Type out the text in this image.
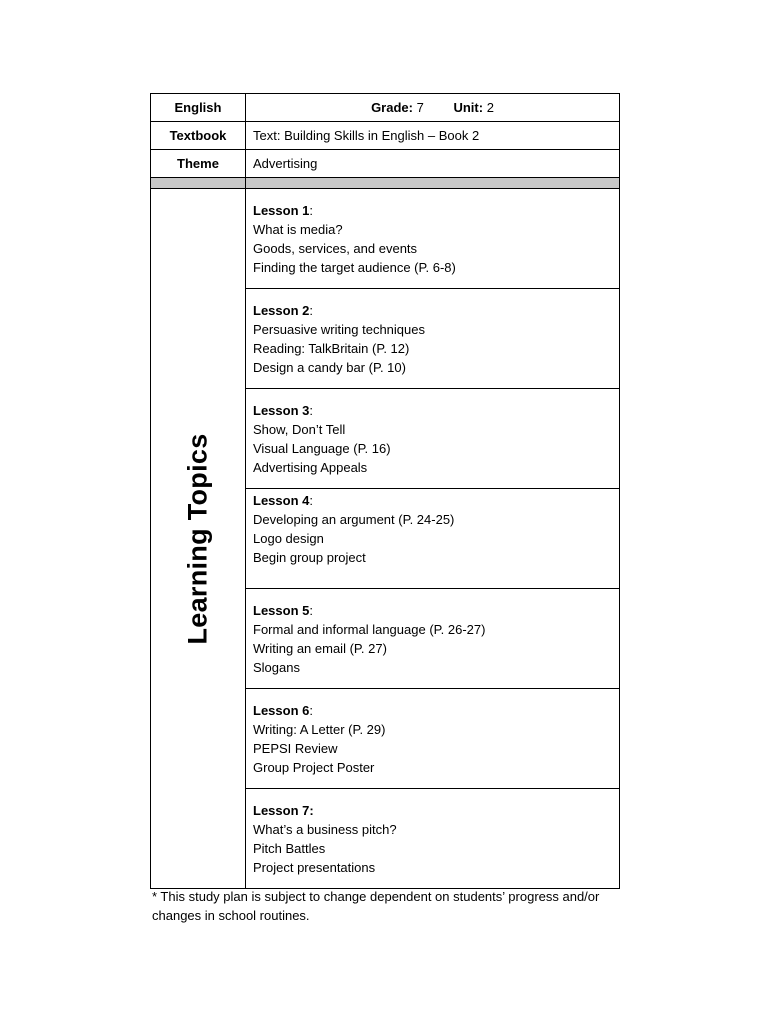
English	Grade: 7 Unit: 2
Textbook	Text: Building Skills in English – Book 2
Theme	Advertising

Learning Topics	Lesson 1:
What is media?
Goods, services, and events
Finding the target audience (P. 6-8)

	Lesson 2:
Persuasive writing techniques
Reading: TalkBritain (P. 12)
Design a candy bar (P. 10)

	Lesson 3:
Show, Don’t Tell
Visual Language (P. 16)
Advertising Appeals

	Lesson 4:
Developing an argument (P. 24-25)
Logo design
Begin group project

	Lesson 5:
Formal and informal language (P. 26-27)
Writing an email (P. 27)
Slogans

	Lesson 6:
Writing: A Letter (P. 29)
PEPSI Review
Group Project Poster

	Lesson 7:
What’s a business pitch?
Pitch Battles
Project presentations
* This study plan is subject to change dependent on students’ progress and/or changes in school routines.
